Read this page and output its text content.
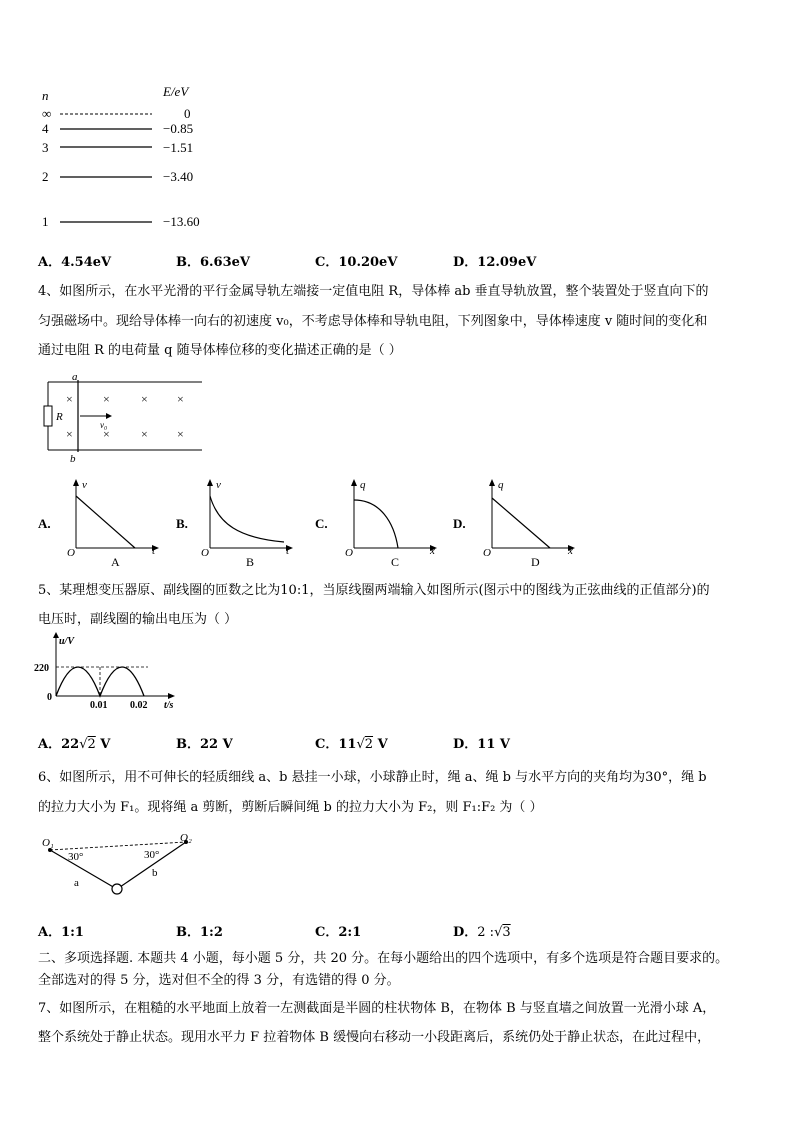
n	E/eV
∞	0
4	−0.85
3	−1.51
2	−3.40
1	−13.60
A．4.54eV	B．6.63eV	C．10.20eV	D．12.09eV
4、如图所示，在水平光滑的平行金属导轨左端接一定值电阻 R，导体棒 ab 垂直导轨放置，整个装置处于竖直向下的
匀强磁场中。现给导体棒一向右的初速度 v₀，不考虑导体棒和导轨电阻，下列图象中，导体棒速度 v 随时间的变化和
通过电阻 R 的电荷量 q 随导体棒位移的变化描述正确的是（ ）
a
b
R
v₀
×	×	× ×
×	×	× ×
A.
v
t
O
A
B.
v
t
O
B
C.
q
x
O
C
D.
q
x
O
D
5、某理想变压器原、副线圈的匝数之比为10:1，当原线圈两端输入如图所示(图示中的图线为正弦曲线的正值部分)的
电压时，副线圈的输出电压为（ ）
u/V
220
0
0.01 0.02 t/s
A．22√2 V	B．22 V	C．11√2 V	D．11 V
6、如图所示，用不可伸长的轻质细线 a、b 悬挂一小球，小球静止时，绳 a、绳 b 与水平方向的夹角均为30°，绳 b
的拉力大小为 F₁。现将绳 a 剪断，剪断后瞬间绳 b 的拉力大小为 F₂，则 F₁:F₂ 为（ ）
O₁	O₂
30°	30°
a
b
A．1:1	B．1:2	C．2:1	D．2 :√3
二、多项选择题. 本题共 4 小题，每小题 5 分，共 20 分。在每小题给出的四个选项中，有多个选项是符合题目要求的。
全部选对的得 5 分，选对但不全的得 3 分，有选错的得 0 分。
7、如图所示，在粗糙的水平地面上放着一左测截面是半圆的柱状物体 B，在物体 B 与竖直墙之间放置一光滑小球 A，
整个系统处于静止状态。现用水平力 F 拉着物体 B 缓慢向右移动一小段距离后，系统仍处于静止状态，在此过程中，
